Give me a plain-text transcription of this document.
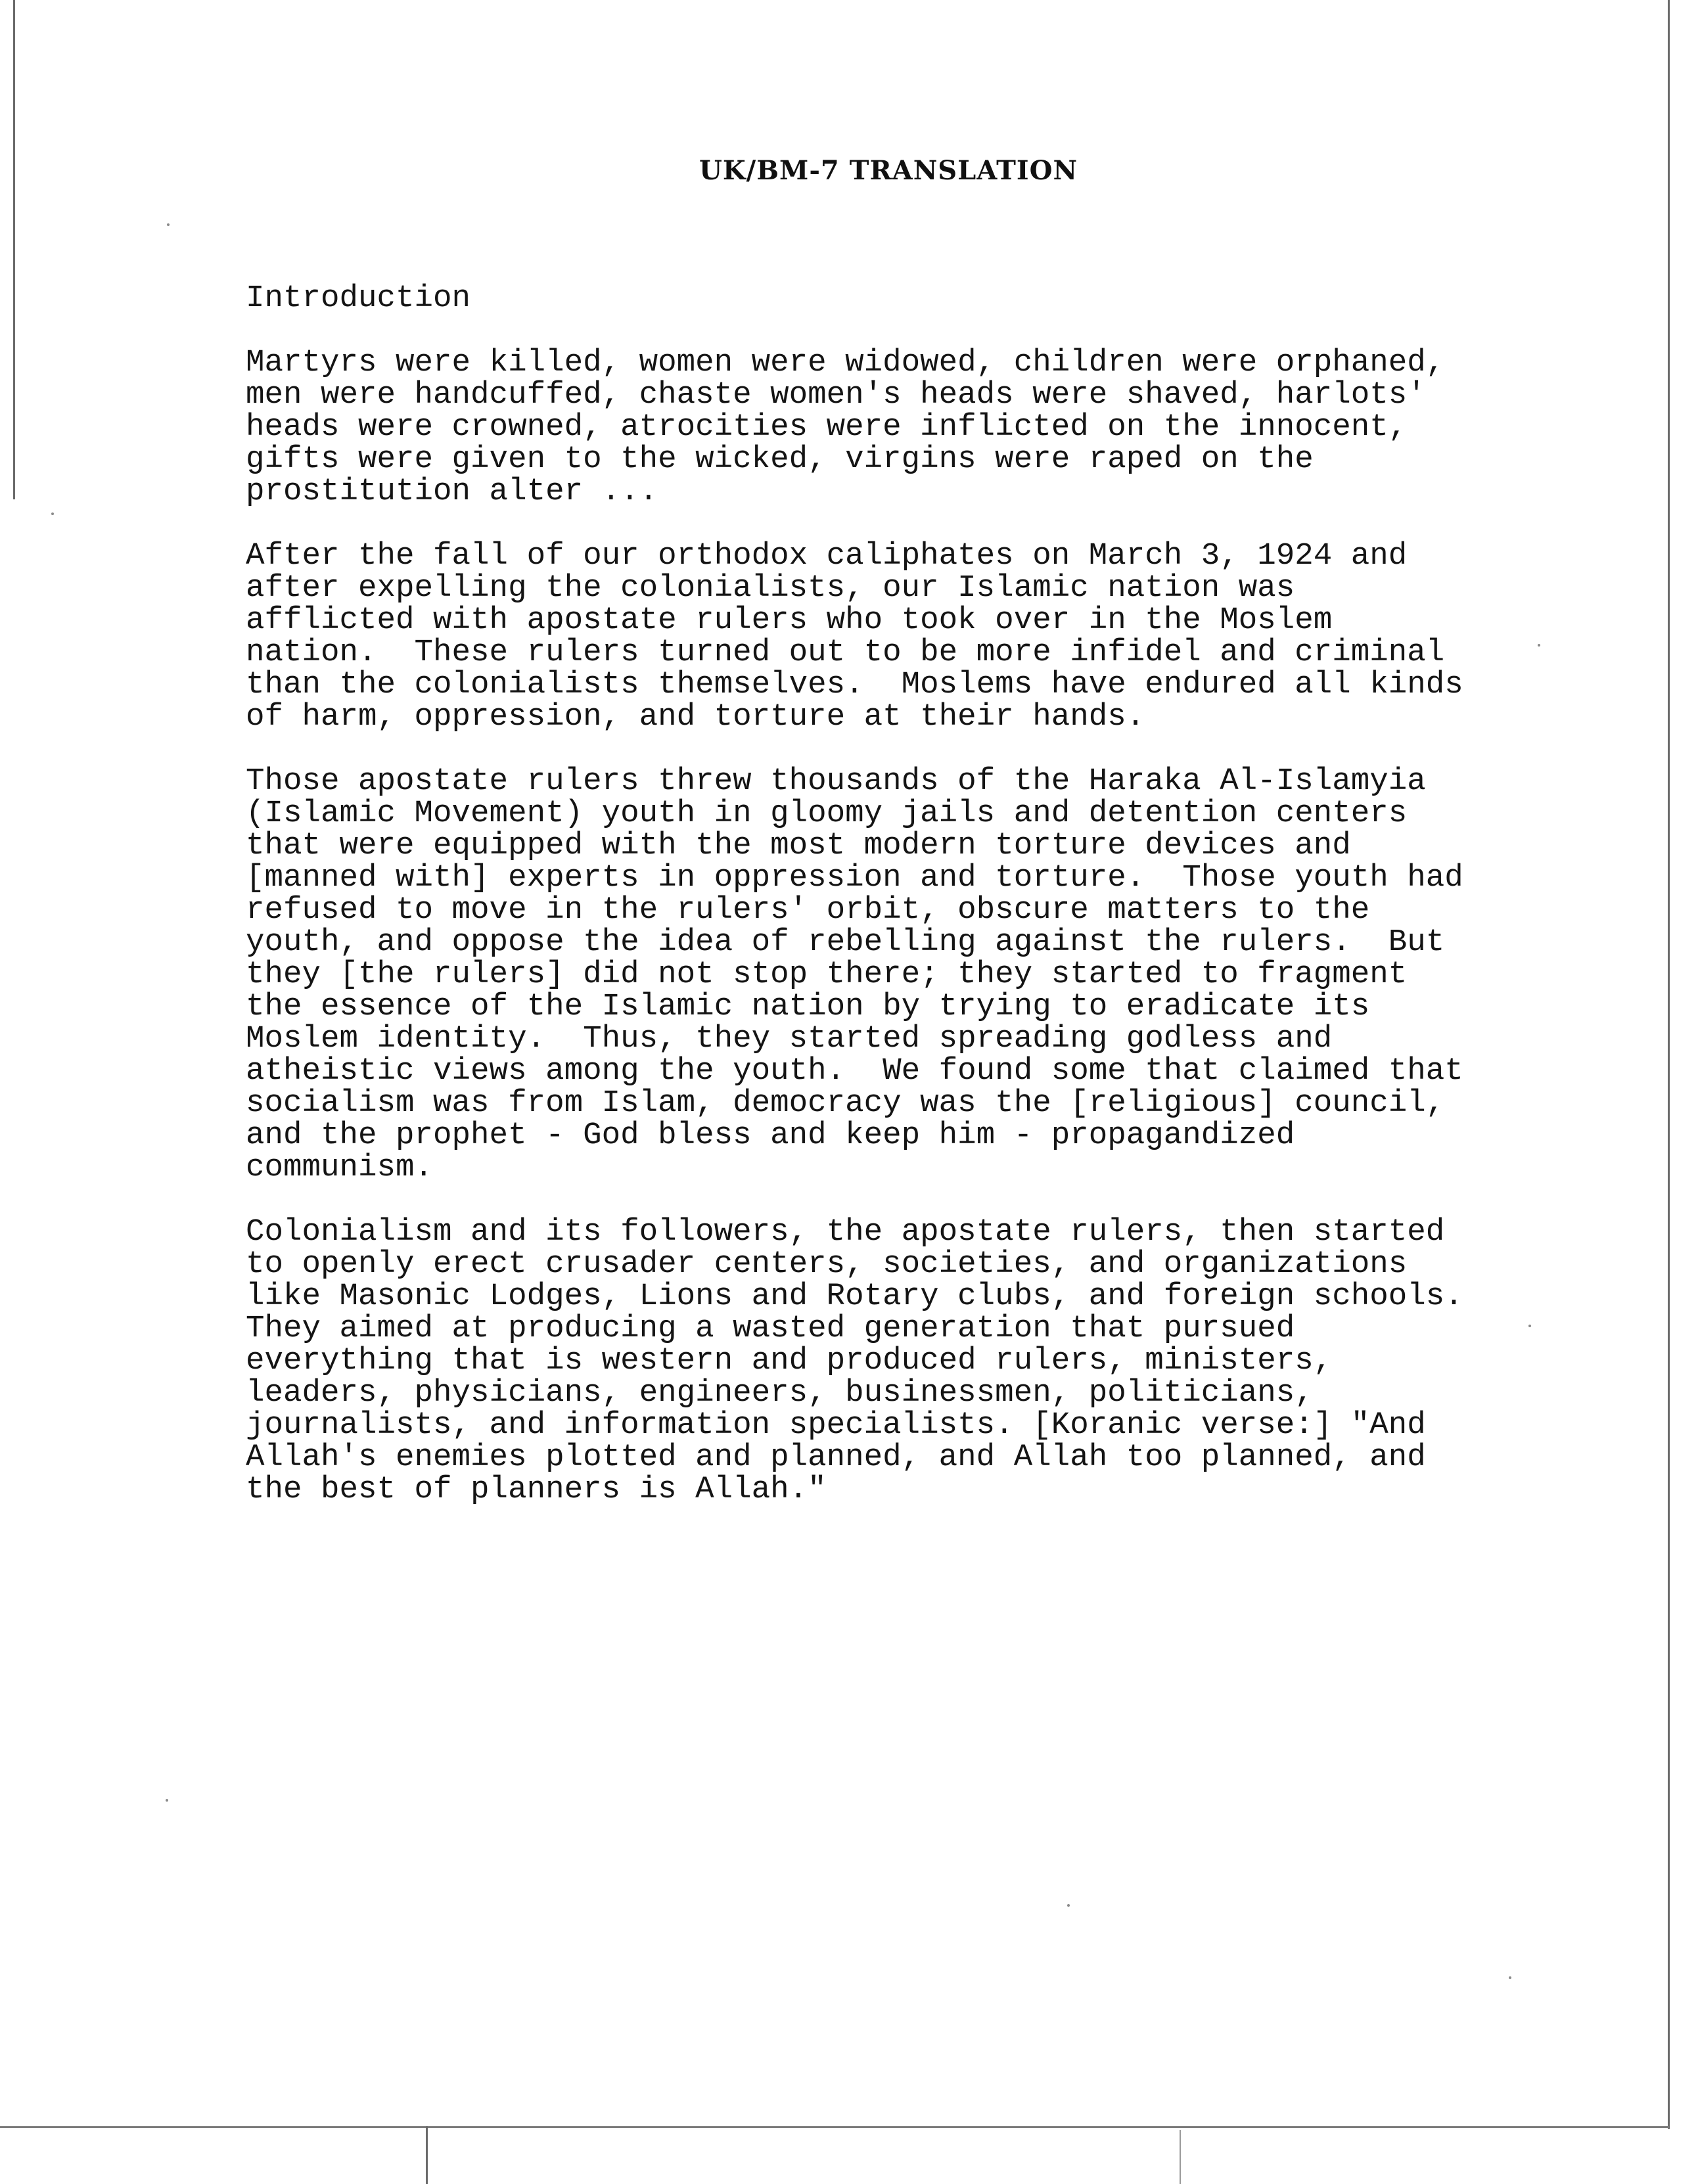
UK/BM-7 TRANSLATION

Introduction

Martyrs were killed, women were widowed, children were orphaned,
men were handcuffed, chaste women's heads were shaved, harlots'
heads were crowned, atrocities were inflicted on the innocent,
gifts were given to the wicked, virgins were raped on the
prostitution alter ...

After the fall of our orthodox caliphates on March 3, 1924 and
after expelling the colonialists, our Islamic nation was
afflicted with apostate rulers who took over in the Moslem
nation.  These rulers turned out to be more infidel and criminal
than the colonialists themselves.  Moslems have endured all kinds
of harm, oppression, and torture at their hands.

Those apostate rulers threw thousands of the Haraka Al-Islamyia
(Islamic Movement) youth in gloomy jails and detention centers
that were equipped with the most modern torture devices and
[manned with] experts in oppression and torture.  Those youth had
refused to move in the rulers' orbit, obscure matters to the
youth, and oppose the idea of rebelling against the rulers.  But
they [the rulers] did not stop there; they started to fragment
the essence of the Islamic nation by trying to eradicate its
Moslem identity.  Thus, they started spreading godless and
atheistic views among the youth.  We found some that claimed that
socialism was from Islam, democracy was the [religious] council,
and the prophet - God bless and keep him - propagandized
communism.

Colonialism and its followers, the apostate rulers, then started
to openly erect crusader centers, societies, and organizations
like Masonic Lodges, Lions and Rotary clubs, and foreign schools.
They aimed at producing a wasted generation that pursued
everything that is western and produced rulers, ministers,
leaders, physicians, engineers, businessmen, politicians,
journalists, and information specialists. [Koranic verse:] "And
Allah's enemies plotted and planned, and Allah too planned, and
the best of planners is Allah."
